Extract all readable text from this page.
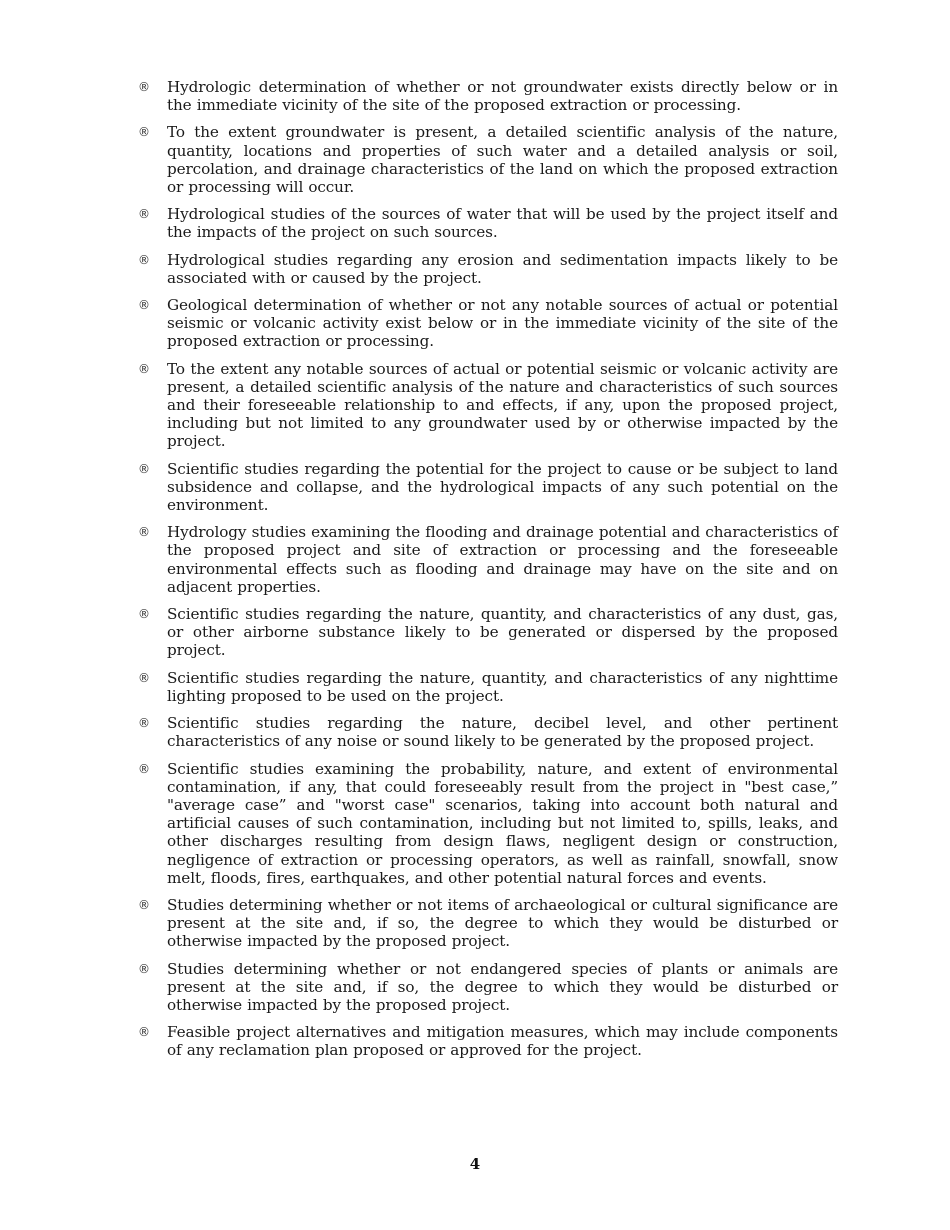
®	Hydrologic determination of whether or not groundwater exists directly below or in the immediate vicinity of the site of the proposed extraction or processing.
®	To the extent groundwater is present, a detailed scientific analysis of the nature, quantity, locations and properties of such water and a detailed analysis or soil, percolation, and drainage characteristics of the land on which the proposed extraction or processing will occur.
®	Hydrological studies of the sources of water that will be used by the project itself and the impacts of the project on such sources.
®	Hydrological studies regarding any erosion and sedimentation impacts likely to be associated with or caused by the project.
®	Geological determination of whether or not any notable sources of actual or potential seismic or volcanic activity exist below or in the immediate vicinity of the site of the proposed extraction or processing.
®	To the extent any notable sources of actual or potential seismic or volcanic activity are present, a detailed scientific analysis of the nature and characteristics of such sources and their foreseeable relationship to and effects, if any, upon the proposed project, including but not limited to any groundwater used by or otherwise impacted by the project.
®	Scientific studies regarding the potential for the project to cause or be subject to land subsidence and collapse, and the hydrological impacts of any such potential on the environment.
®	Hydrology studies examining the flooding and drainage potential and characteristics of the proposed project and site of extraction or processing and the foreseeable environmental effects such as flooding and drainage may have on the site and on adjacent properties.
®	Scientific studies regarding the nature, quantity, and characteristics of any dust, gas, or other airborne substance likely to be generated or dispersed by the proposed project.
®	Scientific studies regarding the nature, quantity, and characteristics of any nighttime lighting proposed to be used on the project.
®	Scientific studies regarding the nature, decibel level, and other pertinent characteristics of any noise or sound likely to be generated by the proposed project.
®	Scientific studies examining the probability, nature, and extent of environmental contamination, if any, that could foreseeably result from the project in "best case,” "average case” and "worst case" scenarios, taking into account both natural and artificial causes of such contamination, including but not limited to, spills, leaks, and other discharges resulting from design flaws, negligent design or construction, negligence of extraction or processing operators, as well as rainfall, snowfall, snow melt, floods, fires, earthquakes, and other potential natural forces and events.
®	Studies determining whether or not items of archaeological or cultural significance are present at the site and, if so, the degree to which they would be disturbed or otherwise impacted by the proposed project.
®	Studies determining whether or not endangered species of plants or animals are present at the site and, if so, the degree to which they would be disturbed or otherwise impacted by the proposed project.
®	Feasible project alternatives and mitigation measures, which may include components of any reclamation plan proposed or approved for the project.
4
